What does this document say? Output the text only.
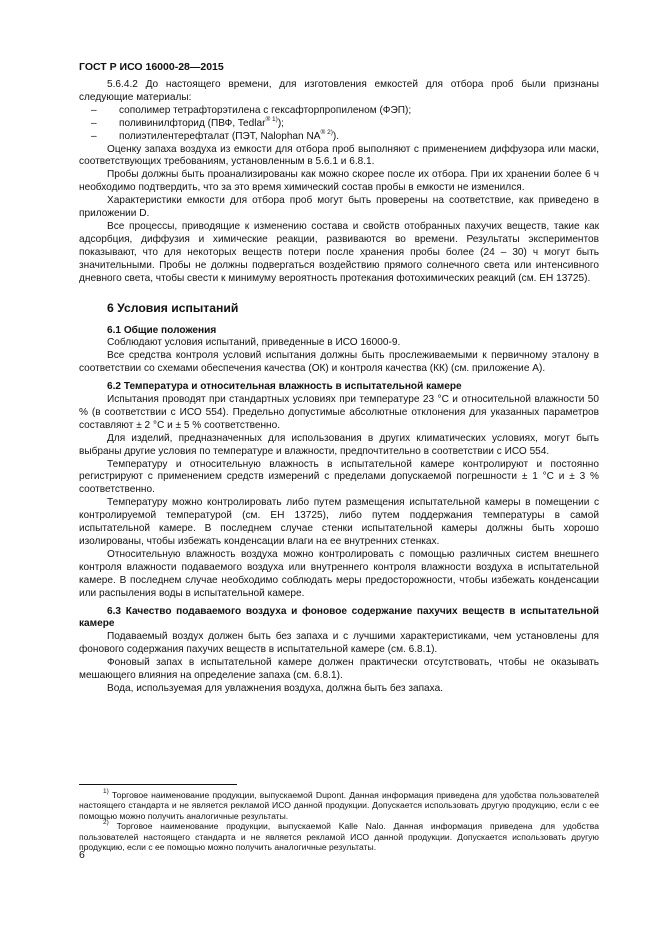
ГОСТ Р ИСО 16000-28—2015

5.6.4.2 До настоящего времени, для изготовления емкостей для отбора проб были признаны следующие материалы:

–	сополимер тетрафторэтилена с гексафторпропиленом (ФЭП);
–	поливинилфторид (ПВФ, Tedlar$^{® 1)}$);
–	полиэтилентерефталат (ПЭТ, Nalophan $NA^{® 2)}$).

Оценку запаха воздуха из емкости для отбора проб выполняют с применением диффузора или маски, соответствующих требованиям, установленным в 5.6.1 и 6.8.1.

Пробы должны быть проанализированы как можно скорее после их отбора. При их хранении более 6 ч необходимо подтвердить, что за это время химический состав пробы в емкости не изменился.

Характеристики емкости для отбора проб могут быть проверены на соответствие, как приведено в приложении D.

Все процессы, приводящие к изменению состава и свойств отобранных пахучих веществ, такие как адсорбция, диффузия и химические реакции, развиваются во времени. Результаты экспериментов показывают, что для некоторых веществ потери после хранения пробы более (24 – 30) ч могут быть значительными. Пробы не должны подвергаться воздействию прямого солнечного света или интенсивного дневного света, чтобы свести к минимуму вероятность протекания фотохимических реакций (см. ЕН 13725).

6 Условия испытаний
6.1 Общие положения

Соблюдают условия испытаний, приведенные в ИСО 16000-9.

Все средства контроля условий испытания должны быть прослеживаемыми к первичному эталону в соответствии со схемами обеспечения качества (ОК) и контроля качества (КК) (см. приложение А).

6.2 Температура и относительная влажность в испытательной камере

Испытания проводят при стандартных условиях при температуре 23 °С и относительной влажности 50 % (в соответствии с ИСО 554). Предельно допустимые абсолютные отклонения для указанных параметров составляют ± 2 °С и ± 5 % соответственно.

Для изделий, предназначенных для использования в других климатических условиях, могут быть выбраны другие условия по температуре и влажности, предпочтительно в соответствии с ИСО 554.

Температуру и относительную влажность в испытательной камере контролируют и постоянно регистрируют с применением средств измерений с пределами допускаемой погрешности ± 1 °С и ± 3 % соответственно.

Температуру можно контролировать либо путем размещения испытательной камеры в помещении с контролируемой температурой (см. ЕН 13725), либо путем поддержания температуры в самой испытательной камере. В последнем случае стенки испытательной камеры должны быть хорошо изолированы, чтобы избежать конденсации влаги на ее внутренних стенках.

Относительную влажность воздуха можно контролировать с помощью различных систем внешнего контроля влажности подаваемого воздуха или внутреннего контроля влажности воздуха в испытательной камере. В последнем случае необходимо соблюдать меры предосторожности, чтобы избежать конденсации или распыления воды в испытательной камере.

6.3 Качество подаваемого воздуха и фоновое содержание пахучих веществ в испытательной камере

Подаваемый воздух должен быть без запаха и с лучшими характеристиками, чем установлены для фонового содержания пахучих веществ в испытательной камере (см. 6.8.1).

Фоновый запах в испытательной камере должен практически отсутствовать, чтобы не оказывать мешающего влияния на определение запаха (см. 6.8.1).

Вода, используемая для увлажнения воздуха, должна быть без запаха.

$^{1)}$ Торговое наименование продукции, выпускаемой Dupont. Данная информация приведена для удобства пользователей настоящего стандарта и не является рекламой ИСО данной продукции. Допускается использовать другую продукцию, если с ее помощью можно получить аналогичные результаты.

$^{2)}$ Торговое наименование продукции, выпускаемой Kalle Nalo. Данная информация приведена для удобства пользователей настоящего стандарта и не является рекламой ИСО данной продукции. Допускается использовать другую продукцию, если с ее помощью можно получить аналогичные результаты.

6
